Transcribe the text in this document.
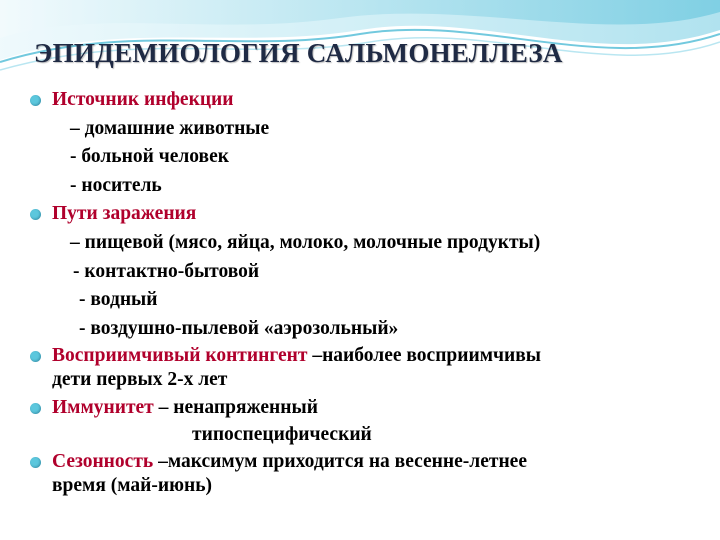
ЭПИДЕМИОЛОГИЯ САЛЬМОНЕЛЛЕЗА
Источник инфекции
– домашние животные
- больной человек
- носитель
Пути заражения
– пищевой (мясо, яйца, молоко, молочные продукты)
- контактно-бытовой
- водный
- воздушно-пылевой «аэрозольный»
Восприимчивый контингент –наиболее восприимчивы
дети первых 2-х лет
Иммунитет – ненапряженный
типоспецифический
Сезонность –максимум приходится на весенне-летнее
время (май-июнь)
